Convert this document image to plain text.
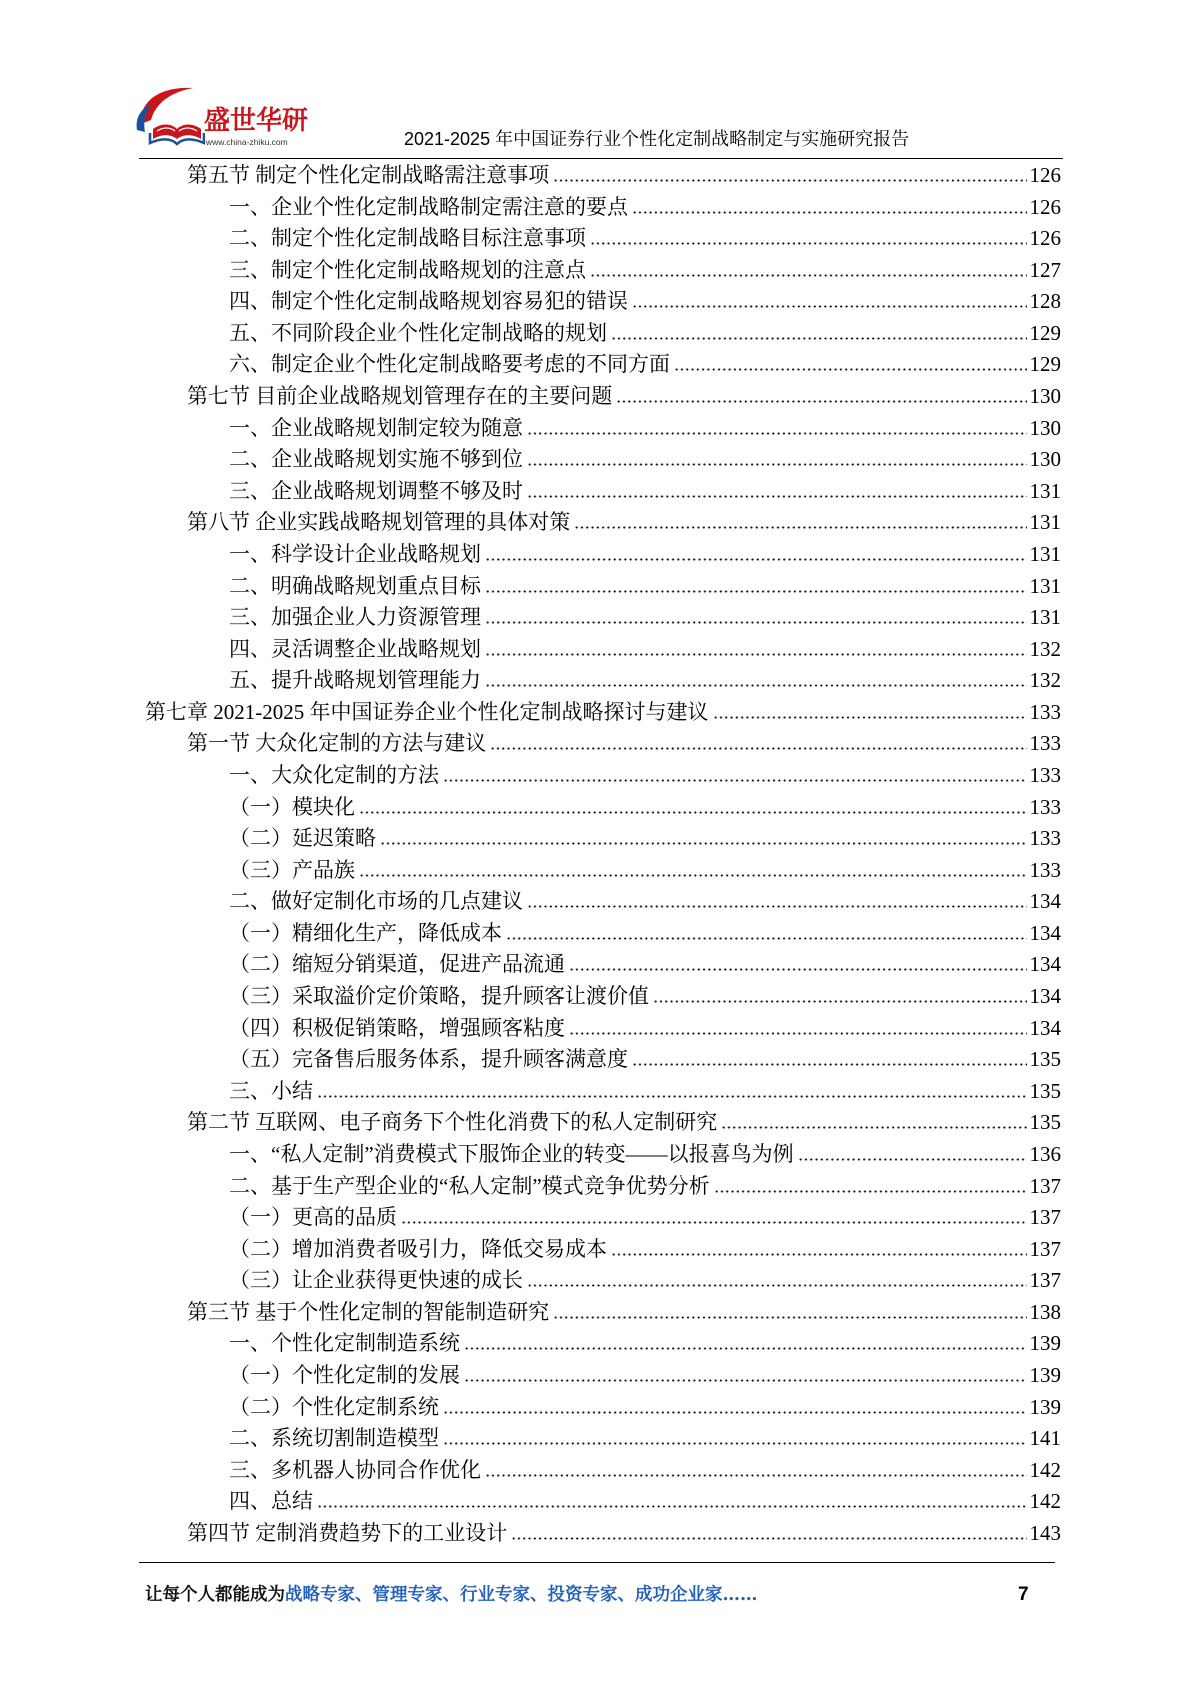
盛世华研
www.china-zhiku.com	2021-2025 年中国证券行业个性化定制战略制定与实施研究报告
第五节 制定个性化定制战略需注意事项	126
一、企业个性化定制战略制定需注意的要点	126
二、制定个性化定制战略目标注意事项	126
三、制定个性化定制战略规划的注意点	127
四、制定个性化定制战略规划容易犯的错误	128
五、不同阶段企业个性化定制战略的规划	129
六、制定企业个性化定制战略要考虑的不同方面	129
第七节 目前企业战略规划管理存在的主要问题	130
一、企业战略规划制定较为随意	130
二、企业战略规划实施不够到位	130
三、企业战略规划调整不够及时	131
第八节 企业实践战略规划管理的具体对策	131
一、科学设计企业战略规划	131
二、明确战略规划重点目标	131
三、加强企业人力资源管理	131
四、灵活调整企业战略规划	132
五、提升战略规划管理能力	132
第七章 2021-2025 年中国证券企业个性化定制战略探讨与建议	133
第一节 大众化定制的方法与建议	133
一、大众化定制的方法	133
（一）模块化	133
（二）延迟策略	133
（三）产品族	133
二、做好定制化市场的几点建议	134
（一）精细化生产，降低成本	134
（二）缩短分销渠道，促进产品流通	134
（三）采取溢价定价策略，提升顾客让渡价值	134
（四）积极促销策略，增强顾客粘度	134
（五）完备售后服务体系，提升顾客满意度	135
三、小结	135
第二节 互联网、电子商务下个性化消费下的私人定制研究	135
一、“私人定制”消费模式下服饰企业的转变——以报喜鸟为例	136
二、基于生产型企业的“私人定制”模式竞争优势分析	137
（一）更高的品质	137
（二）增加消费者吸引力，降低交易成本	137
（三）让企业获得更快速的成长	137
第三节 基于个性化定制的智能制造研究	138
一、个性化定制制造系统	139
（一）个性化定制的发展	139
（二）个性化定制系统	139
二、系统切割制造模型	141
三、多机器人协同合作优化	142
四、总结	142
第四节 定制消费趋势下的工业设计	143
让每个人都能成为战略专家、管理专家、行业专家、投资专家、成功企业家……	7
